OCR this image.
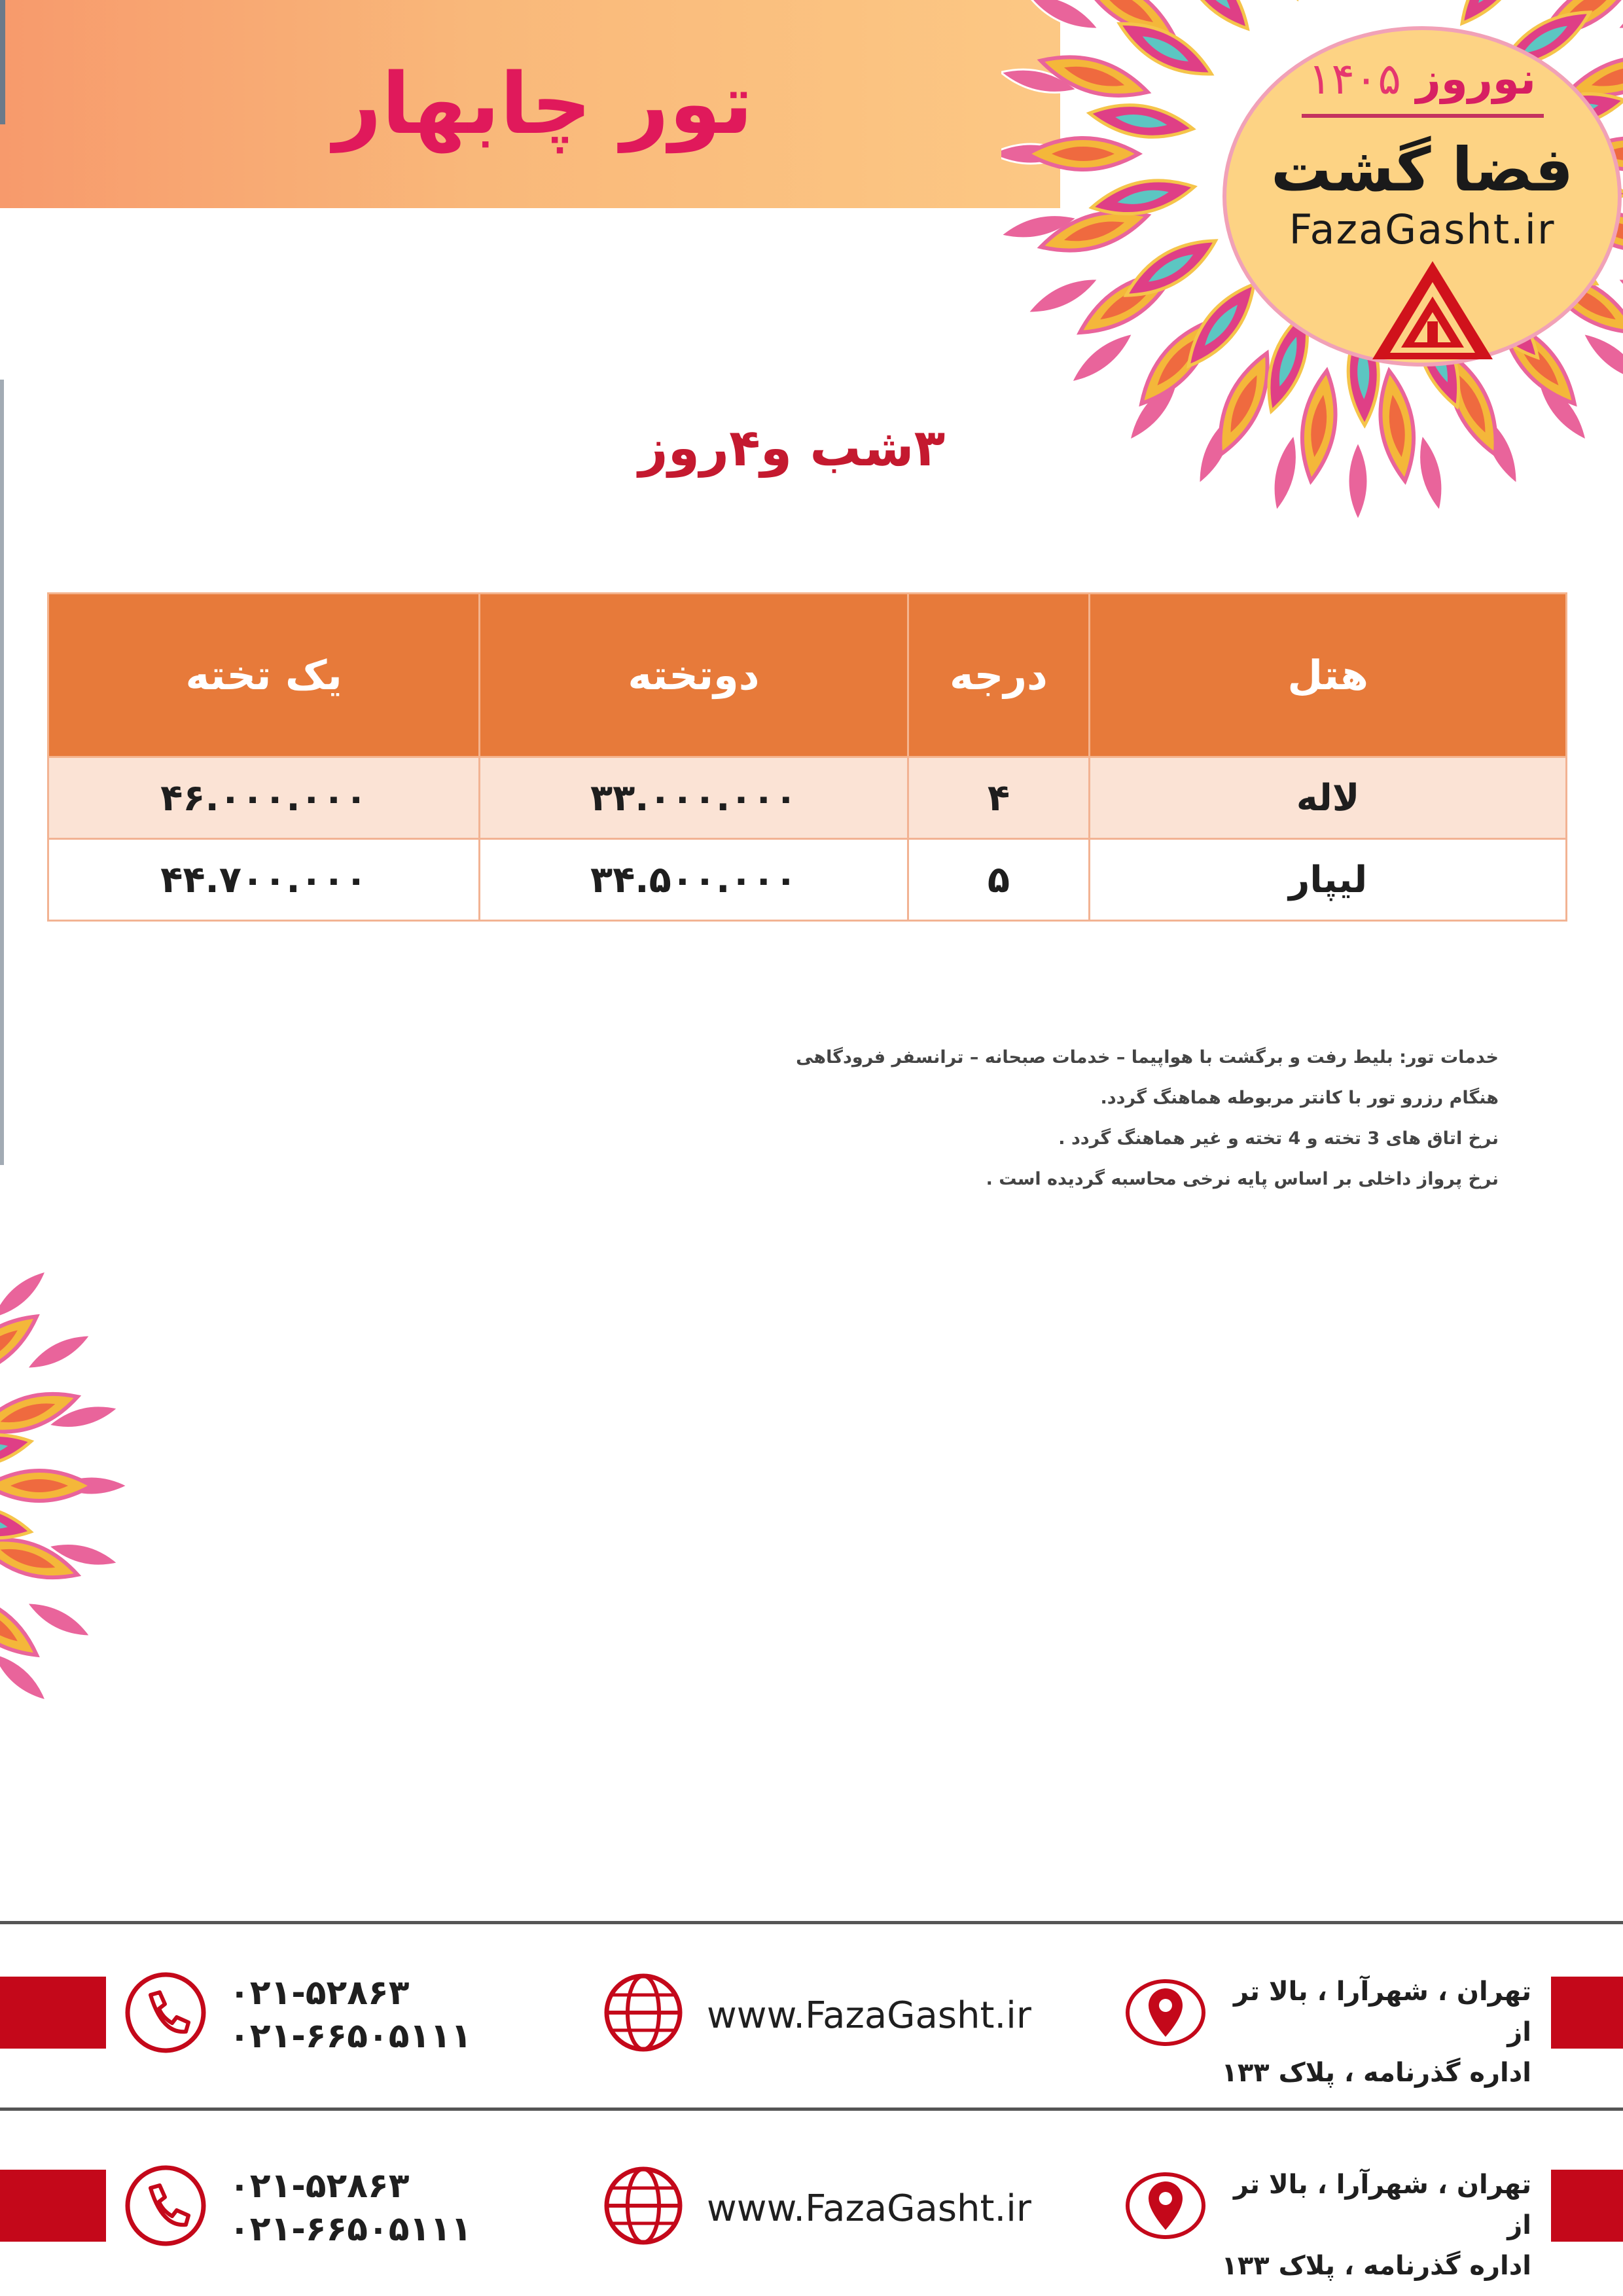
تور چابهار	نوروز ۱۴۰۵
فضا گشت
FazaGasht.ir
۳شب و۴روز
هتل	درجه	دوتخته	یک تخته
لاله	۴	۳۳.۰۰۰.۰۰۰	۴۶.۰۰۰.۰۰۰
لیپار	۵	۳۴.۵۰۰.۰۰۰	۴۴.۷۰۰.۰۰۰

خدمات تور: بلیط رفت و برگشت با هواپیما – خدمات صبحانه – ترانسفر فرودگاهی

هنگام رزرو تور با کانتر مربوطه هماهنگ گردد.

نرخ اتاق های 3 تخته و 4 تخته و غیر هماهنگ گردد .

نرخ پرواز داخلی بر اساس پایه نرخی محاسبه گردیده است .

۰۲۱-۵۲۸۶۳
۰۲۱-۶۶۵۰۵۱۱۱	www.FazaGasht.ir
تهران ، شهرآرا ، بالا تر از
اداره گذرنامه ، پلاک ۱۳۳
۰۲۱-۵۲۸۶۳
۰۲۱-۶۶۵۰۵۱۱۱	www.FazaGasht.ir
تهران ، شهرآرا ، بالا تر از
اداره گذرنامه ، پلاک ۱۳۳
